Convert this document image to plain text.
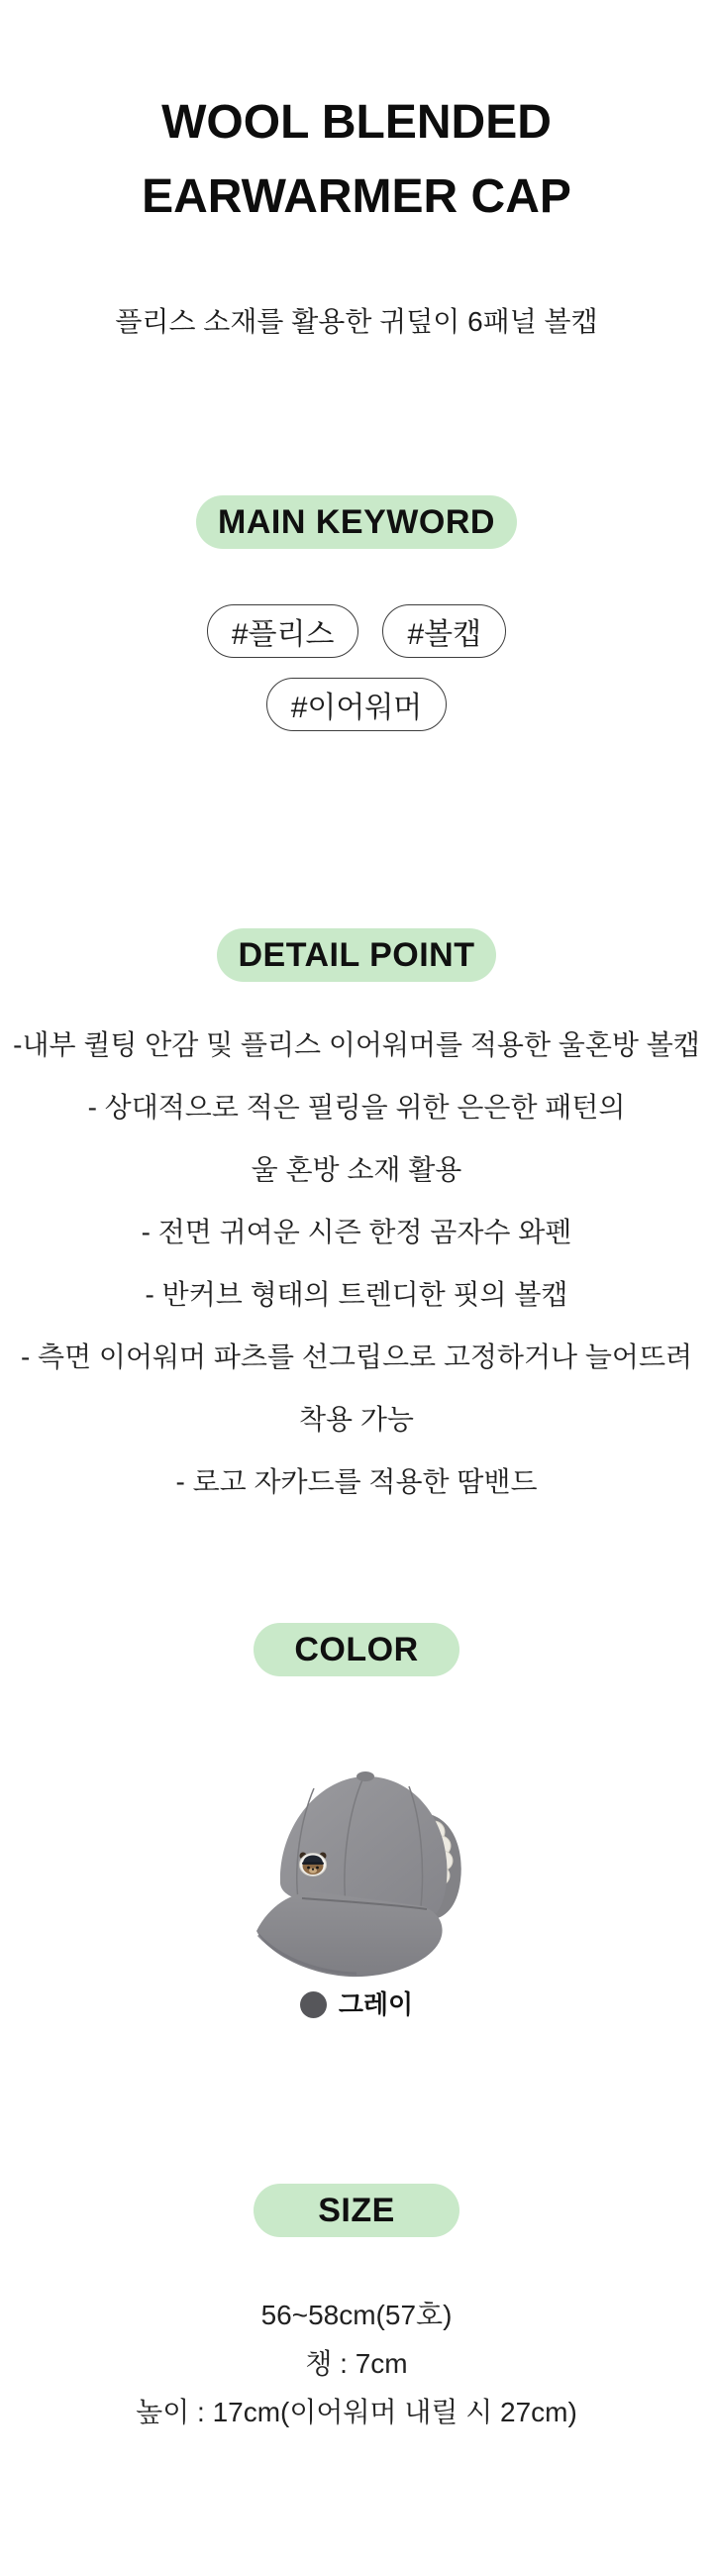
WOOL BLENDED
EARWARMER CAP

플리스 소재를 활용한 귀덮이 6패널 볼캡

MAIN KEYWORD
#플리스	#볼캡
#이어워머
DETAIL POINT
-내부 퀼팅 안감 및 플리스 이어워머를 적용한 울혼방 볼캡
- 상대적으로 적은 필링을 위한 은은한 패턴의
울 혼방 소재 활용
- 전면 귀여운 시즌 한정 곰자수 와펜
- 반커브 형태의 트렌디한 핏의 볼캡
- 측면 이어워머 파츠를 선그립으로 고정하거나 늘어뜨려
착용 가능
- 로고 자카드를 적용한 땀밴드
COLOR
그레이
SIZE
56~58cm(57호)
챙 : 7cm
높이 : 17cm(이어워머 내릴 시 27cm)
